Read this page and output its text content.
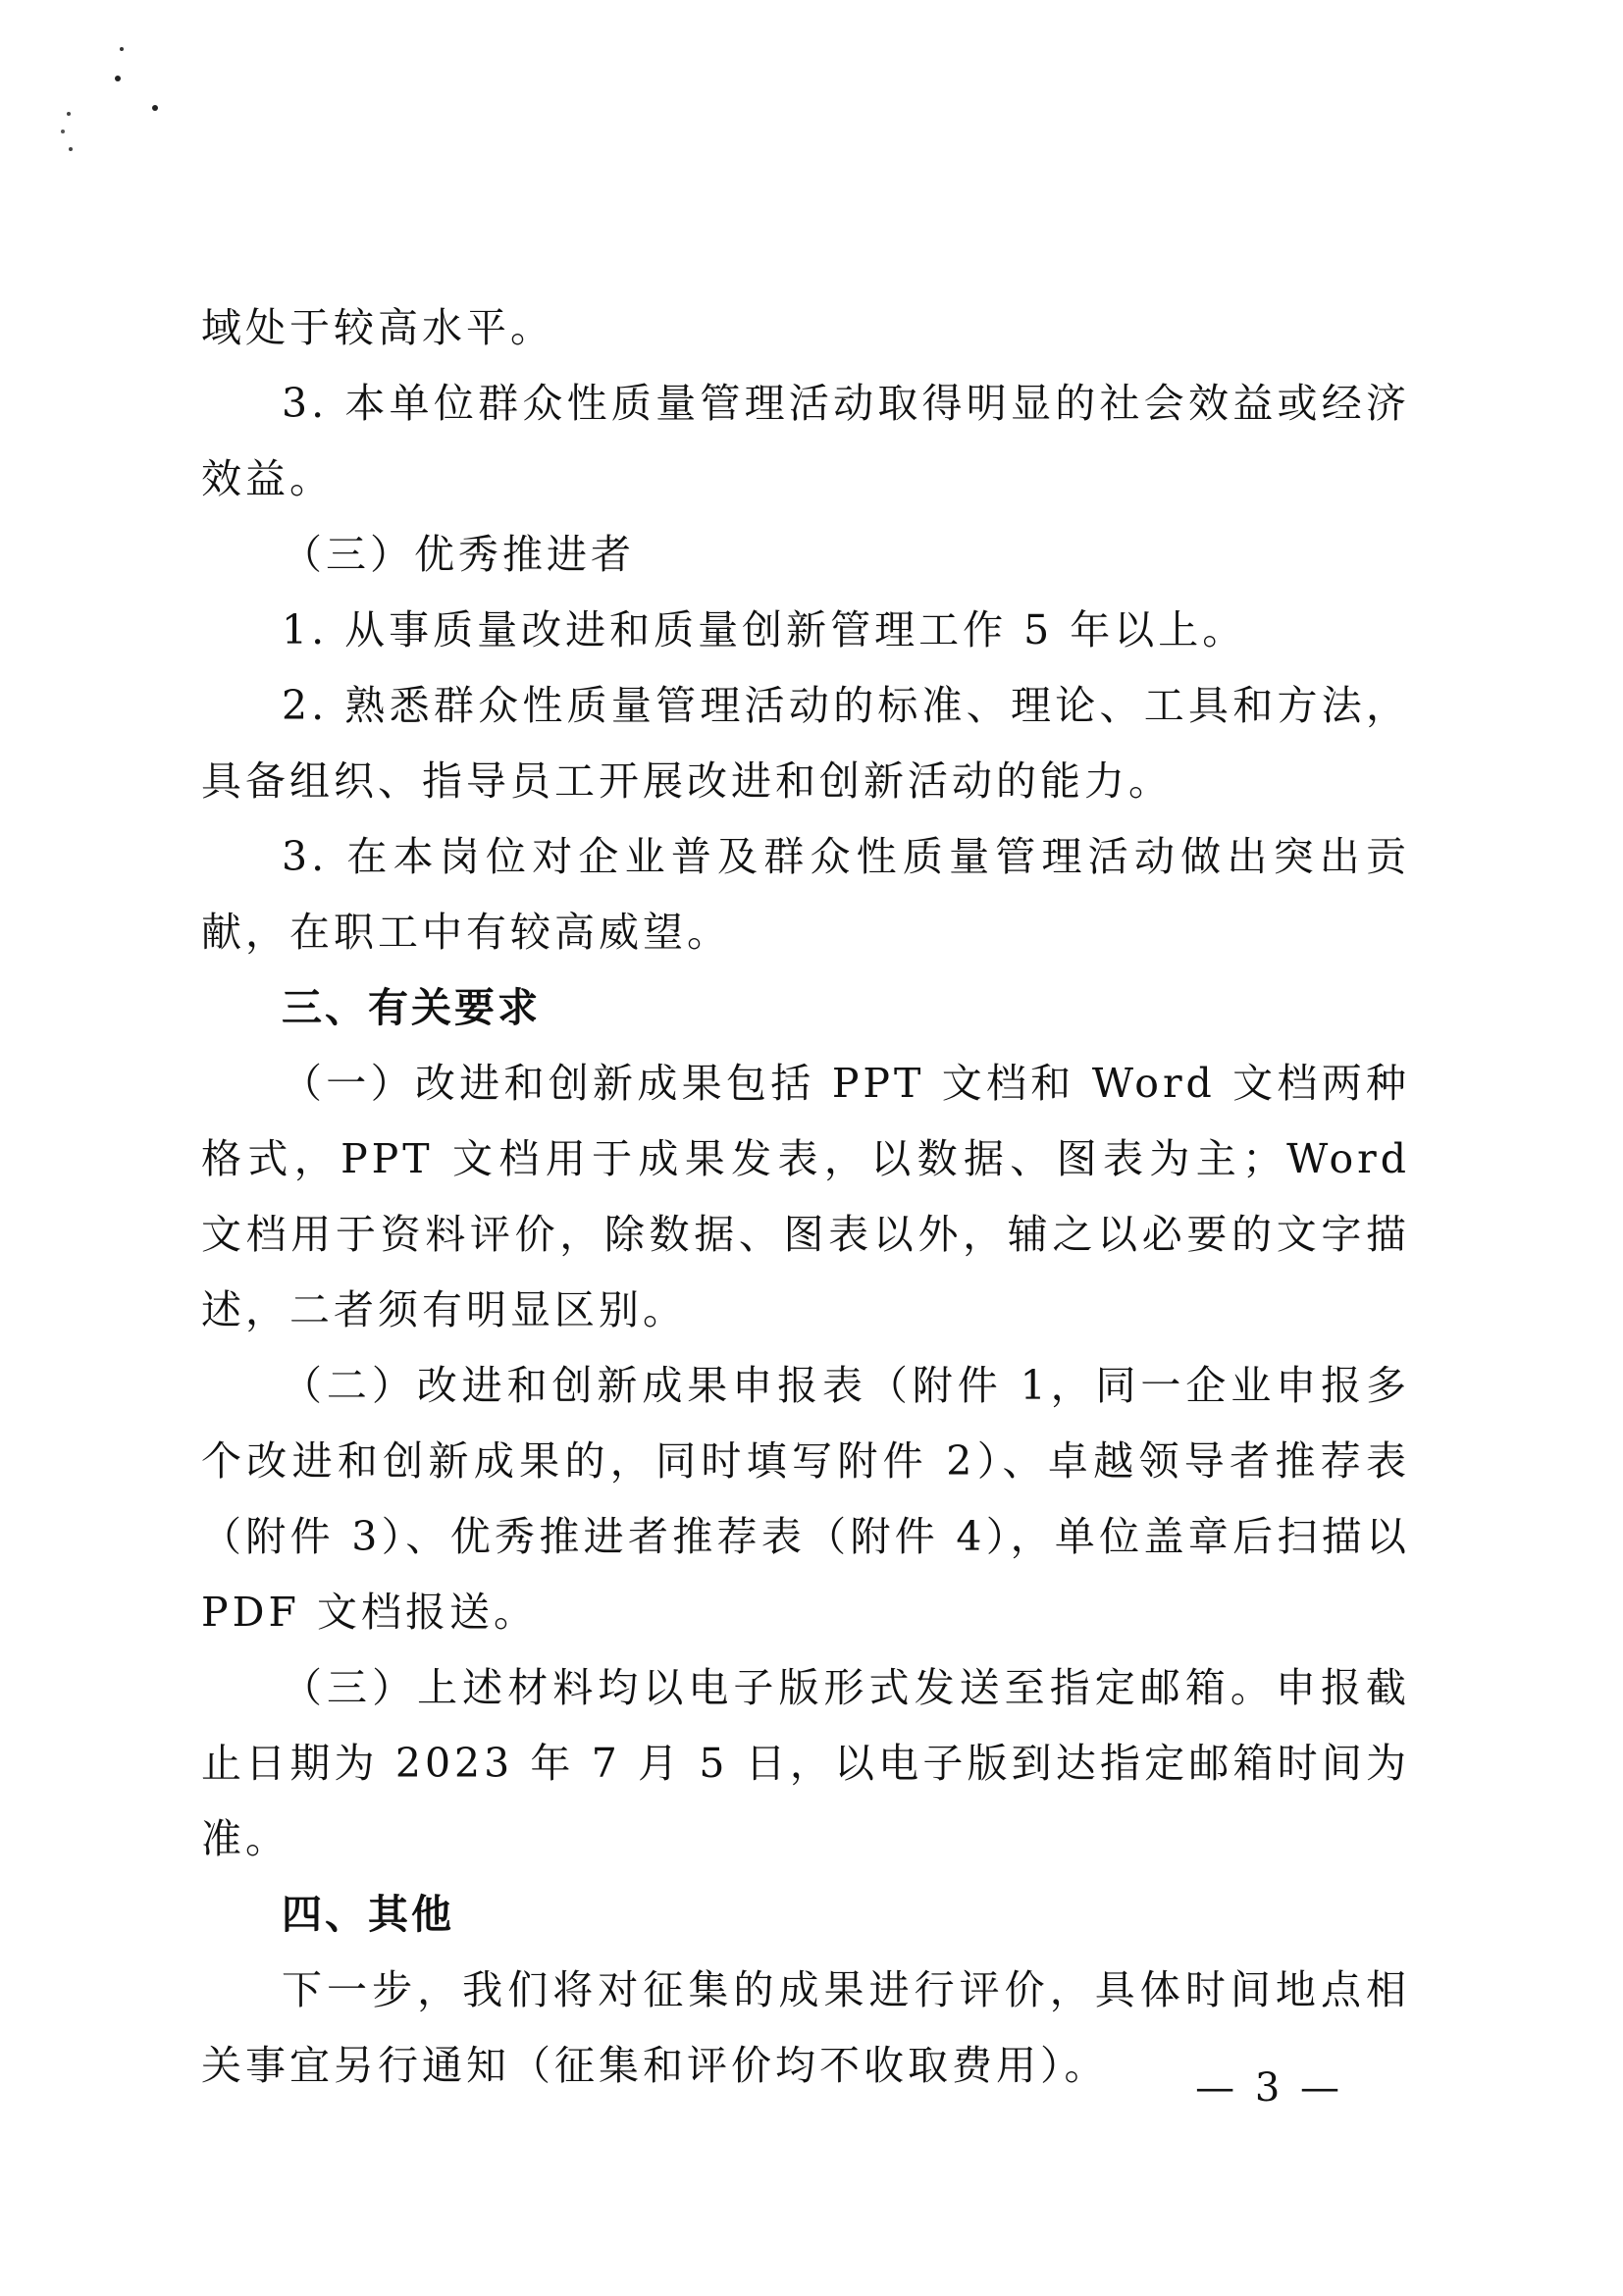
域处于较高水平。

3. 本单位群众性质量管理活动取得明显的社会效益或经济效益。

（三）优秀推进者

1. 从事质量改进和质量创新管理工作 5 年以上。

2. 熟悉群众性质量管理活动的标准、理论、工具和方法，具备组织、指导员工开展改进和创新活动的能力。

3. 在本岗位对企业普及群众性质量管理活动做出突出贡献，在职工中有较高威望。

三、有关要求

（一）改进和创新成果包括 PPT 文档和 Word 文档两种格式，PPT 文档用于成果发表，以数据、图表为主；Word 文档用于资料评价，除数据、图表以外，辅之以必要的文字描述，二者须有明显区别。

（二）改进和创新成果申报表（附件 1，同一企业申报多个改进和创新成果的，同时填写附件 2）、卓越领导者推荐表（附件 3）、优秀推进者推荐表（附件 4），单位盖章后扫描以 PDF 文档报送。

（三）上述材料均以电子版形式发送至指定邮箱。申报截止日期为 2023 年 7 月 5 日，以电子版到达指定邮箱时间为准。

四、其他

下一步，我们将对征集的成果进行评价，具体时间地点相关事宜另行通知（征集和评价均不收取费用）。	— 3 —
